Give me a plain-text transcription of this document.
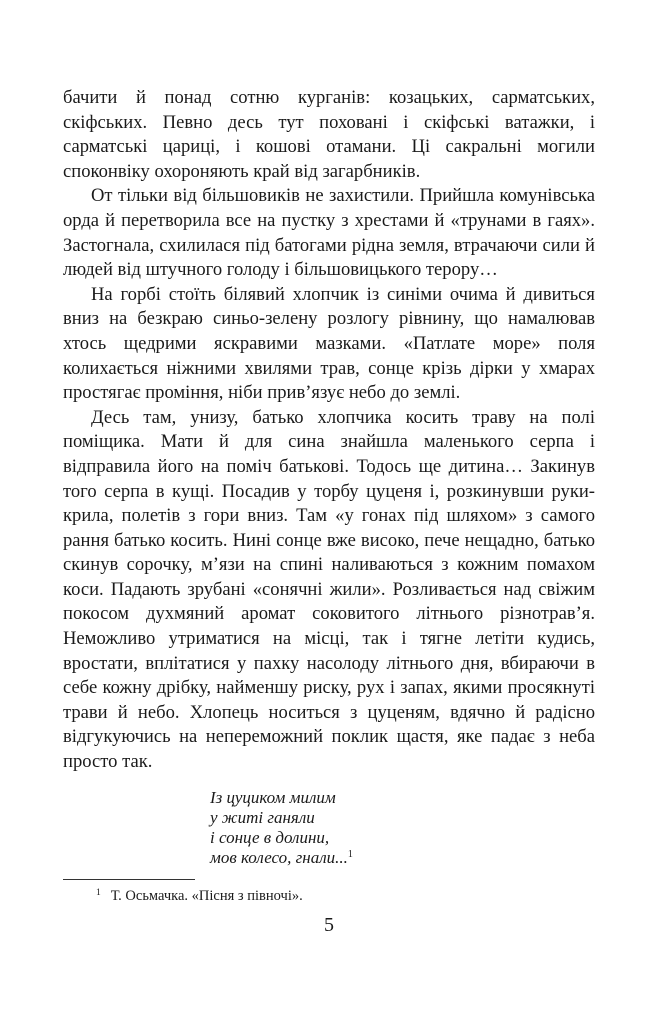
бачити й понад сотню курганів: козацьких, сарматських, скіфських. Певно десь тут поховані і скіфські ватажки, і сарматські цариці, і кошові отамани. Ці сакральні могили споконвіку охороняють край від загарбників.

От тільки від більшовиків не захистили. Прийшла комунівська орда й перетворила все на пустку з хрестами й «трунами в гаях». Застогнала, схилилася під батогами рідна земля, втрачаючи сили й людей від штучного голоду і більшовицького терору…

На горбі стоїть білявий хлопчик із синіми очима й дивиться вниз на безкраю синьо-зелену розлогу рівнину, що намалював хтось щедрими яскравими мазками. «Патлате море» поля колихається ніжними хвилями трав, сонце крізь дірки у хмарах простягає проміння, ніби прив’язує небо до землі.

Десь там, унизу, батько хлопчика косить траву на полі поміщика. Мати й для сина знайшла маленького серпа і відправила його на поміч батькові. Тодось ще дитина… Закинув того серпа в кущі. Посадив у торбу цуценя і, розкинувши руки-крила, полетів з гори вниз. Там «у гонах під шляхом» з самого рання батько косить. Нині сонце вже високо, пече нещадно, батько скинув сорочку, м’язи на спині наливаються з кожним помахом коси. Падають зрубані «сонячні жили». Розливається над свіжим покосом духмяний аромат соковитого літнього різнотрав’я. Неможливо утриматися на місці, так і тягне летіти кудись, вростати, вплітатися у пахку насолоду літнього дня, вбираючи в себе кожну дрібку, найменшу риску, рух і запах, якими просякнуті трави й небо. Хлопець носиться з цуценям, вдячно й радісно відгукуючись на непереможний поклик щастя, яке падає з неба просто так.

Із цуциком милим
у житі ганяли
і сонце в долини,
мов колесо, гнали...$^1$
$^1$ Т. Осьмачка. «Пісня з півночі».
5
